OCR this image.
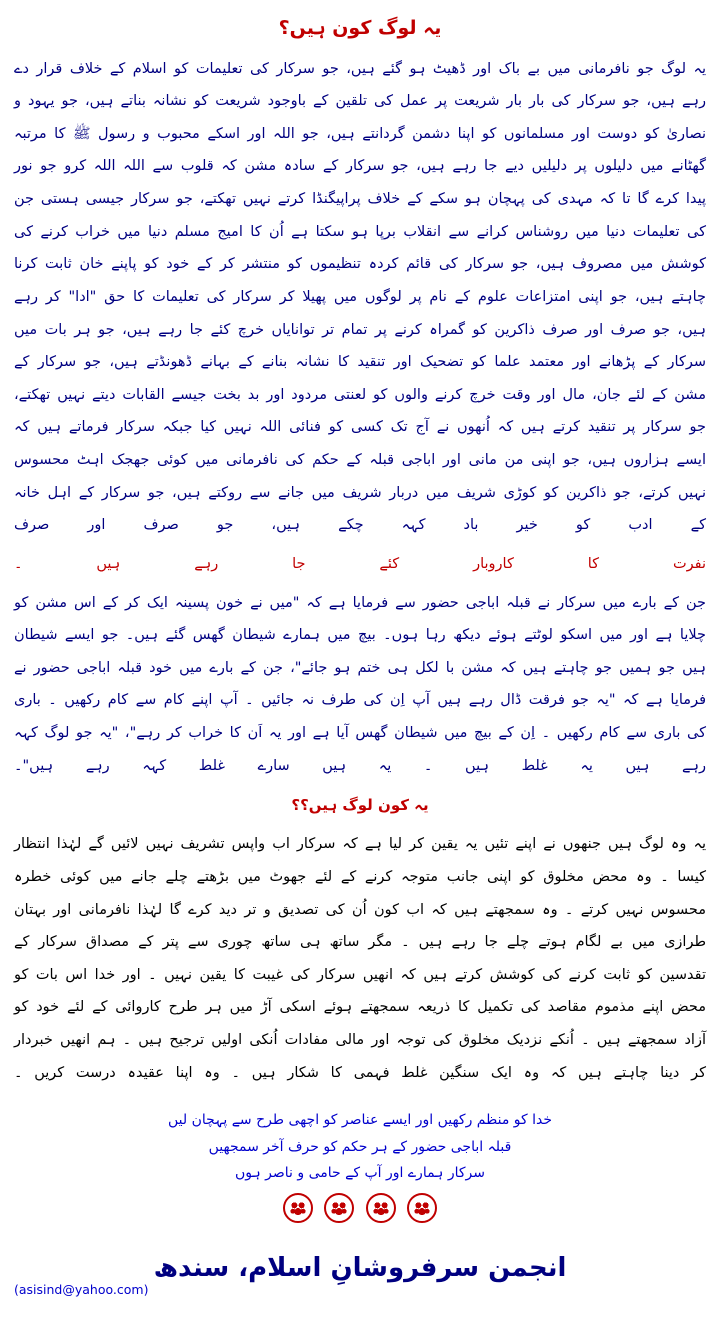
یہ لوگ کون ہیں؟
یہ لوگ جو نافرمانی میں بے باک اور ڈھیٹ ہو گئے ہیں، جو سرکار کی تعلیمات کو اسلام کے خلاف قرار دے رہے ہیں، جو سرکار کی بار بار شریعت پر عمل کی تلقین کے باوجود شریعت کو نشانہ بناتے ہیں، جو یہود و نصاریٰ کو دوست اور مسلمانوں کو اپنا دشمن گردانتے ہیں، جو اللہ اور اسکے محبوب و رسول ﷺ کا مرتبہ گھٹانے میں دلیلوں پر دلیلیں دیے جا رہے ہیں، جو سرکار کے سادہ مشن کہ قلوب سے اللہ اللہ کرو جو نور پیدا کرے گا تا کہ مہدی کی پہچان ہو سکے کے خلاف پراپیگنڈا کرتے نہیں تھکتے، جو سرکار جیسی ہستی جن کی تعلیمات دنیا میں روشناس کرانے سے انقلاب برپا ہو سکتا ہے اُن کا امیج مسلم دنیا میں خراب کرنے کی کوشش میں مصروف ہیں، جو سرکار کی قائم کردہ تنظیموں کو منتشر کر کے خود کو پاپنے خان ثابت کرنا چاہتے ہیں، جو اپنی امتزاعات علوم کے نام پر لوگوں میں پھیلا کر سرکار کی تعلیمات کا حق "ادا" کر رہے ہیں، جو صرف اور صرف ذاکرین کو گمراہ کرنے پر تمام تر توانایاں خرچ کئے جا رہے ہیں، جو ہر بات میں سرکار کے پڑھانے اور معتمد علما کو تضحیک اور تنقید کا نشانہ بنانے کے بہانے ڈھونڈتے ہیں، جو سرکار کے مشن کے لئے جان، مال اور وقت خرچ کرنے والوں کو لعنتی مردود اور بد بخت جیسے القابات دیتے نہیں تھکتے، جو سرکار پر تنقید کرتے ہیں کہ اُنھوں نے آج تک کسی کو فنائی اللہ نہیں کیا جبکہ سرکار فرماتے ہیں کہ ایسے ہزاروں ہیں، جو اپنی من مانی اور اباجی قبلہ کے حکم کی نافرمانی میں کوئی جھجک اہٹ محسوس نہیں کرتے، جو ذاکرین کو کوڑی شریف میں دربار شریف میں جانے سے روکتے ہیں، جو سرکار کے اہل خانہ کے ادب کو خیر باد کہہ چکے ہیں، جو صرف اور صرف
نفرت کا کاروبار کئے جا رہے ہیں ۔
جن کے بارے میں سرکار نے قبلہ اباجی حضور سے فرمایا ہے کہ "میں نے خون پسینہ ایک کر کے اس مشن کو چلایا ہے اور میں اسکو لوٹتے ہوئے دیکھ رہا ہوں۔ بیچ میں ہمارے شیطان گھس گئے ہیں۔ جو ایسے شیطان ہیں جو ہمیں جو چاہتے ہیں کہ مشن با لکل ہی ختم ہو جائے"، جن کے بارے میں خود قبلہ اباجی حضور نے فرمایا ہے کہ "یہ جو فرقت ڈال رہے ہیں آپ اِن کی طرف نہ جائیں ۔ آپ اپنے کام سے کام رکھیں ۔ باری کی باری سے کام رکھیں ۔ اِن کے بیچ میں شیطان گھس آیا ہے اور یہ اَن کا خراب کر رہے"، "یہ جو لوگ کہہ رہے ہیں یہ غلط ہیں ۔ یہ ہیں سارے غلط کہہ رہے ہیں"۔
یہ کون لوگ ہیں؟؟
یہ وہ لوگ ہیں جنھوں نے اپنے تئیں یہ یقین کر لیا ہے کہ سرکار اب واپس تشریف نہیں لائیں گے لہٰذا انتظار کیسا ۔ وہ محض مخلوق کو اپنی جانب متوجہ کرنے کے لئے جھوٹ میں بڑھتے چلے جانے میں کوئی خطرہ محسوس نہیں کرتے ۔ وہ سمجھتے ہیں کہ اب کون اُن کی تصدیق و تر دید کرے گا لہٰذا نافرمانی اور بہتان طرازی میں بے لگام ہوتے چلے جا رہے ہیں ۔ مگر ساتھ ہی ساتھ چوری سے پتر کے مصداق سرکار کے تقدسین کو ثابت کرنے کی کوشش کرتے ہیں کہ انھیں سرکار کی غیبت کا یقین نہیں ۔ اور خدا اس بات کو محض اپنے مذموم مقاصد کی تکمیل کا ذریعہ سمجھتے ہوئے اسکی آڑ میں ہر طرح کاروائی کے لئے خود کو آزاد سمجھتے ہیں ۔ اُنکے نزدیک مخلوق کی توجہ اور مالی مفادات اُنکی اولیں ترجیح ہیں ۔ ہم انھیں خبردار کر دینا چاہتے ہیں کہ وہ ایک سنگین غلط فہمی کا شکار ہیں ۔ وہ اپنا عقیدہ درست کریں ۔
خدا کو منظم رکھیں اور ایسے عناصر کو اچھی طرح سے پہچان لیں
قبلہ اباجی حضور کے ہر حکم کو حرف آخر سمجھیں
سرکار ہمارے اور آپ کے حامی و ناصر ہوں

انجمن سرفروشانِ اسلام، سندھ
(asisind@yahoo.com)
